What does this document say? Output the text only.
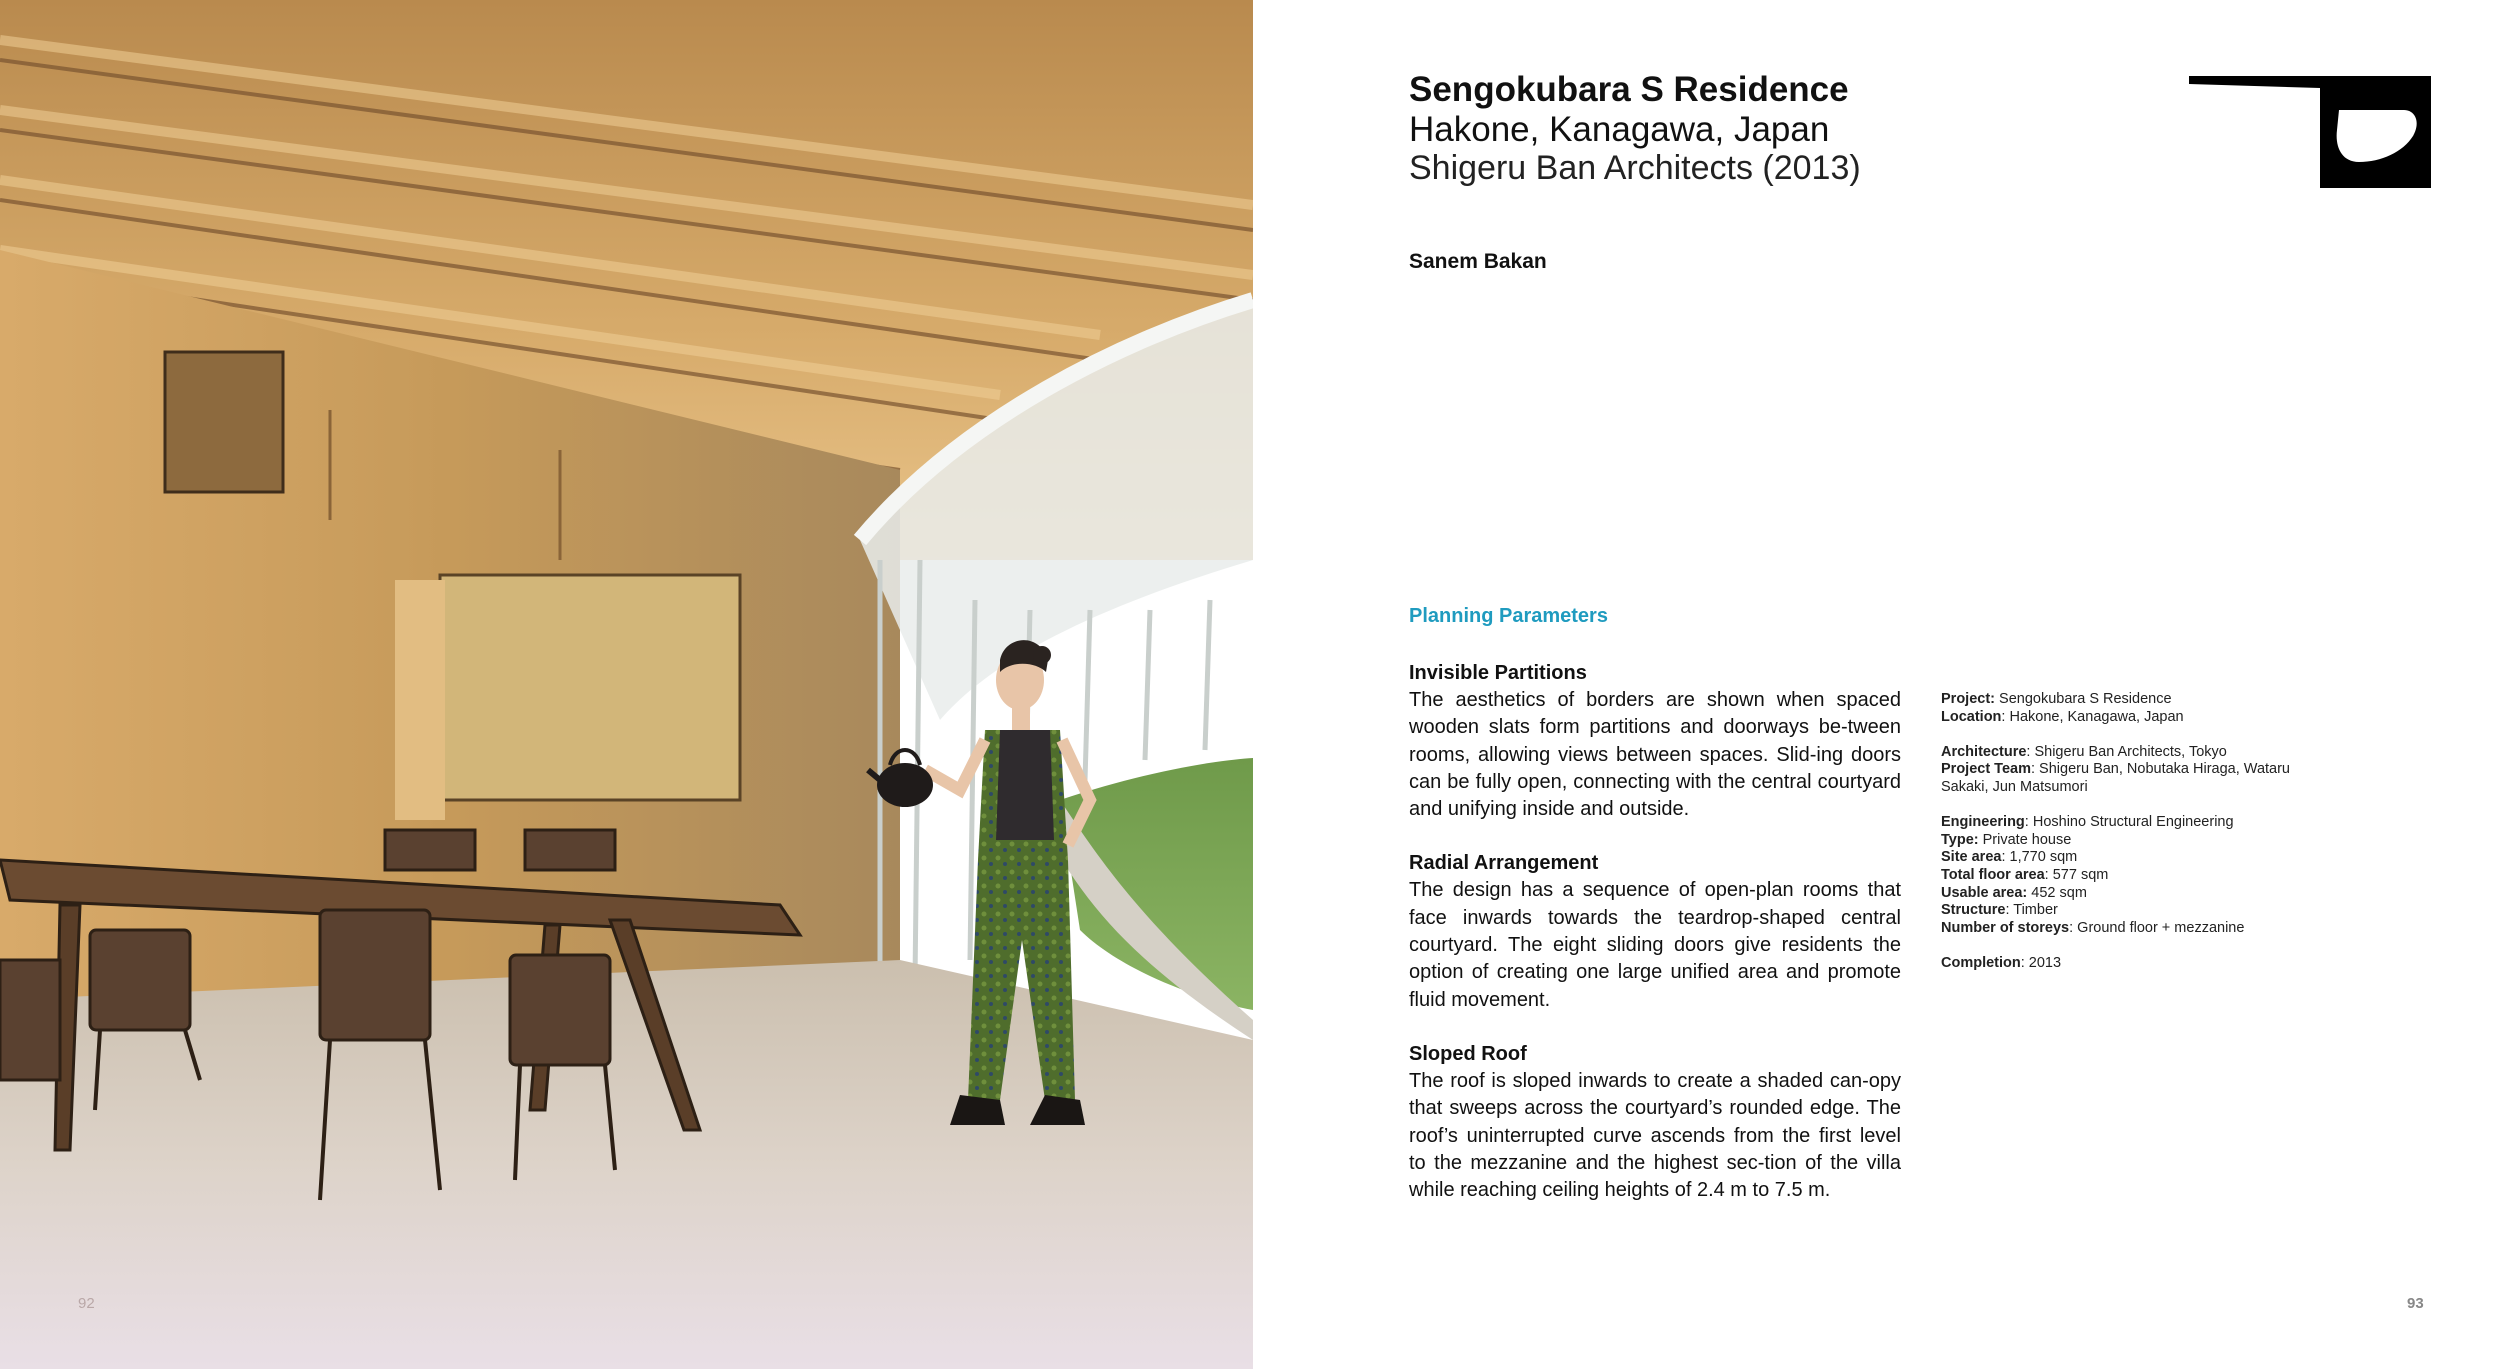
92

Sengokubara S Residence

Hakone, Kanagawa, Japan

Shigeru Ban Architects (2013)

Sanem Bakan
Planning Parameters

Invisible Partitions

The aesthetics of borders are shown when spaced wooden slats form partitions and doorways be-tween rooms, allowing views between spaces. Slid-ing doors can be fully open, connecting with the central courtyard and unifying inside and outside.

Radial Arrangement

The design has a sequence of open-plan rooms that face inwards towards the teardrop-shaped central courtyard. The eight sliding doors give residents the option of creating one large unified area and promote fluid movement.

Sloped Roof

The roof is sloped inwards to create a shaded can-opy that sweeps across the courtyard’s rounded edge. The roof’s uninterrupted curve ascends from the first level to the mezzanine and the highest sec-tion of the villa while reaching ceiling heights of 2.4 m to 7.5 m.

Project: Sengokubara S Residence

Location: Hakone, Kanagawa, Japan

Architecture: Shigeru Ban Architects, Tokyo

Project Team: Shigeru Ban, Nobutaka Hiraga, Wataru Sakaki, Jun Matsumori

Engineering: Hoshino Structural Engineering

Type: Private house

Site area: 1,770 sqm

Total floor area: 577 sqm

Usable area: 452 sqm

Structure: Timber

Number of storeys: Ground floor + mezzanine

Completion: 2013

93
